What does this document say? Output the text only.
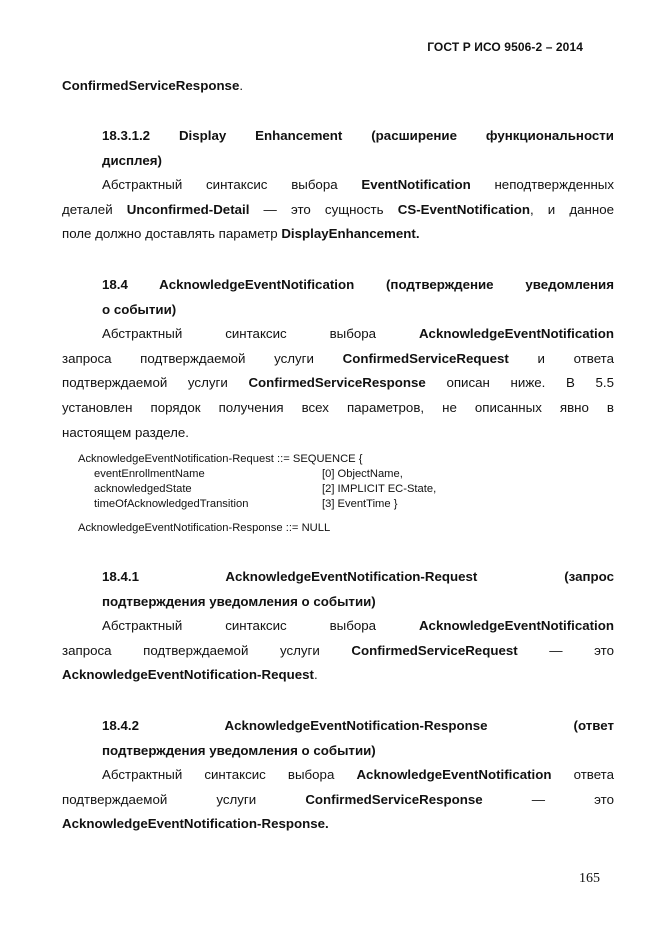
ГОСТ Р ИСО 9506-2 – 2014
ConfirmedServiceResponse.
18.3.1.2 Display Enhancement (расширение функциональности
дисплея)
Абстрактный синтаксис выбора EventNotification неподтвержденных
деталей Unconfirmed-Detail — это сущность CS-EventNotification, и данное
поле должно доставлять параметр DisplayEnhancement.
18.4 AcknowledgeEventNotification (подтверждение уведомления
о событии)
Абстрактный синтаксис выбора AcknowledgeEventNotification
запроса подтверждаемой услуги ConfirmedServiceRequest и ответа
подтверждаемой услуги ConfirmedServiceResponse описан ниже. В 5.5
установлен порядок получения всех параметров, не описанных явно в
настоящем разделе.
AcknowledgeEventNotification-Request ::= SEQUENCE {
eventEnrollmentName	[0] ObjectName,
acknowledgedState	[2] IMPLICIT EC-State,
timeOfAcknowledgedTransition	[3] EventTime }
AcknowledgeEventNotification-Response ::= NULL
18.4.1 AcknowledgeEventNotification-Request (запрос
подтверждения уведомления о событии)
Абстрактный синтаксис выбора AcknowledgeEventNotification
запроса подтверждаемой услуги ConfirmedServiceRequest — это
AcknowledgeEventNotification-Request.
18.4.2 AcknowledgeEventNotification-Response (ответ
подтверждения уведомления о событии)
Абстрактный синтаксис выбора AcknowledgeEventNotification ответа
подтверждаемой услуги ConfirmedServiceResponse — это
AcknowledgeEventNotification-Response.
165
